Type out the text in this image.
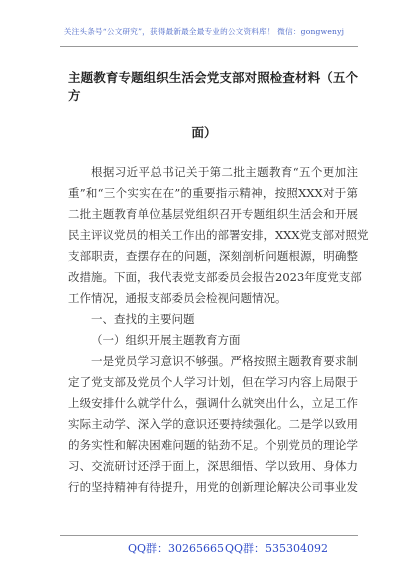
关注头条号“公文研究”，获得最新最全最专业的公文资料库！ 微信：gongwenyj
主题教育专题组织生活会党支部对照检查材料（五个方
面）
根据习近平总书记关于第二批主题教育“五个更加注
重”和“三个实实在在”的重要指示精神，按照XXX对于第
二批主题教育单位基层党组织召开专题组织生活会和开展
民主评议党员的相关工作出的部署安排，XXX党支部对照党
支部职责，查摆存在的问题，深刻剖析问题根源，明确整
改措施。下面，我代表党支部委员会报告2023年度党支部
工作情况，通报支部委员会检视问题情况。
一、查找的主要问题
（一）组织开展主题教育方面
一是党员学习意识不够强。严格按照主题教育要求制
定了党支部及党员个人学习计划，但在学习内容上局限于
上级安排什么就学什么，强调什么就突出什么，立足工作
实际主动学、深入学的意识还要持续强化。二是学以致用
的务实性和解决困难问题的钻劲不足。个别党员的理论学
习、交流研讨还浮于面上，深思细悟、学以致用、身体力
行的坚持精神有待提升，用党的创新理论解决公司事业发
QQ群：30265665 QQ群：535304092
